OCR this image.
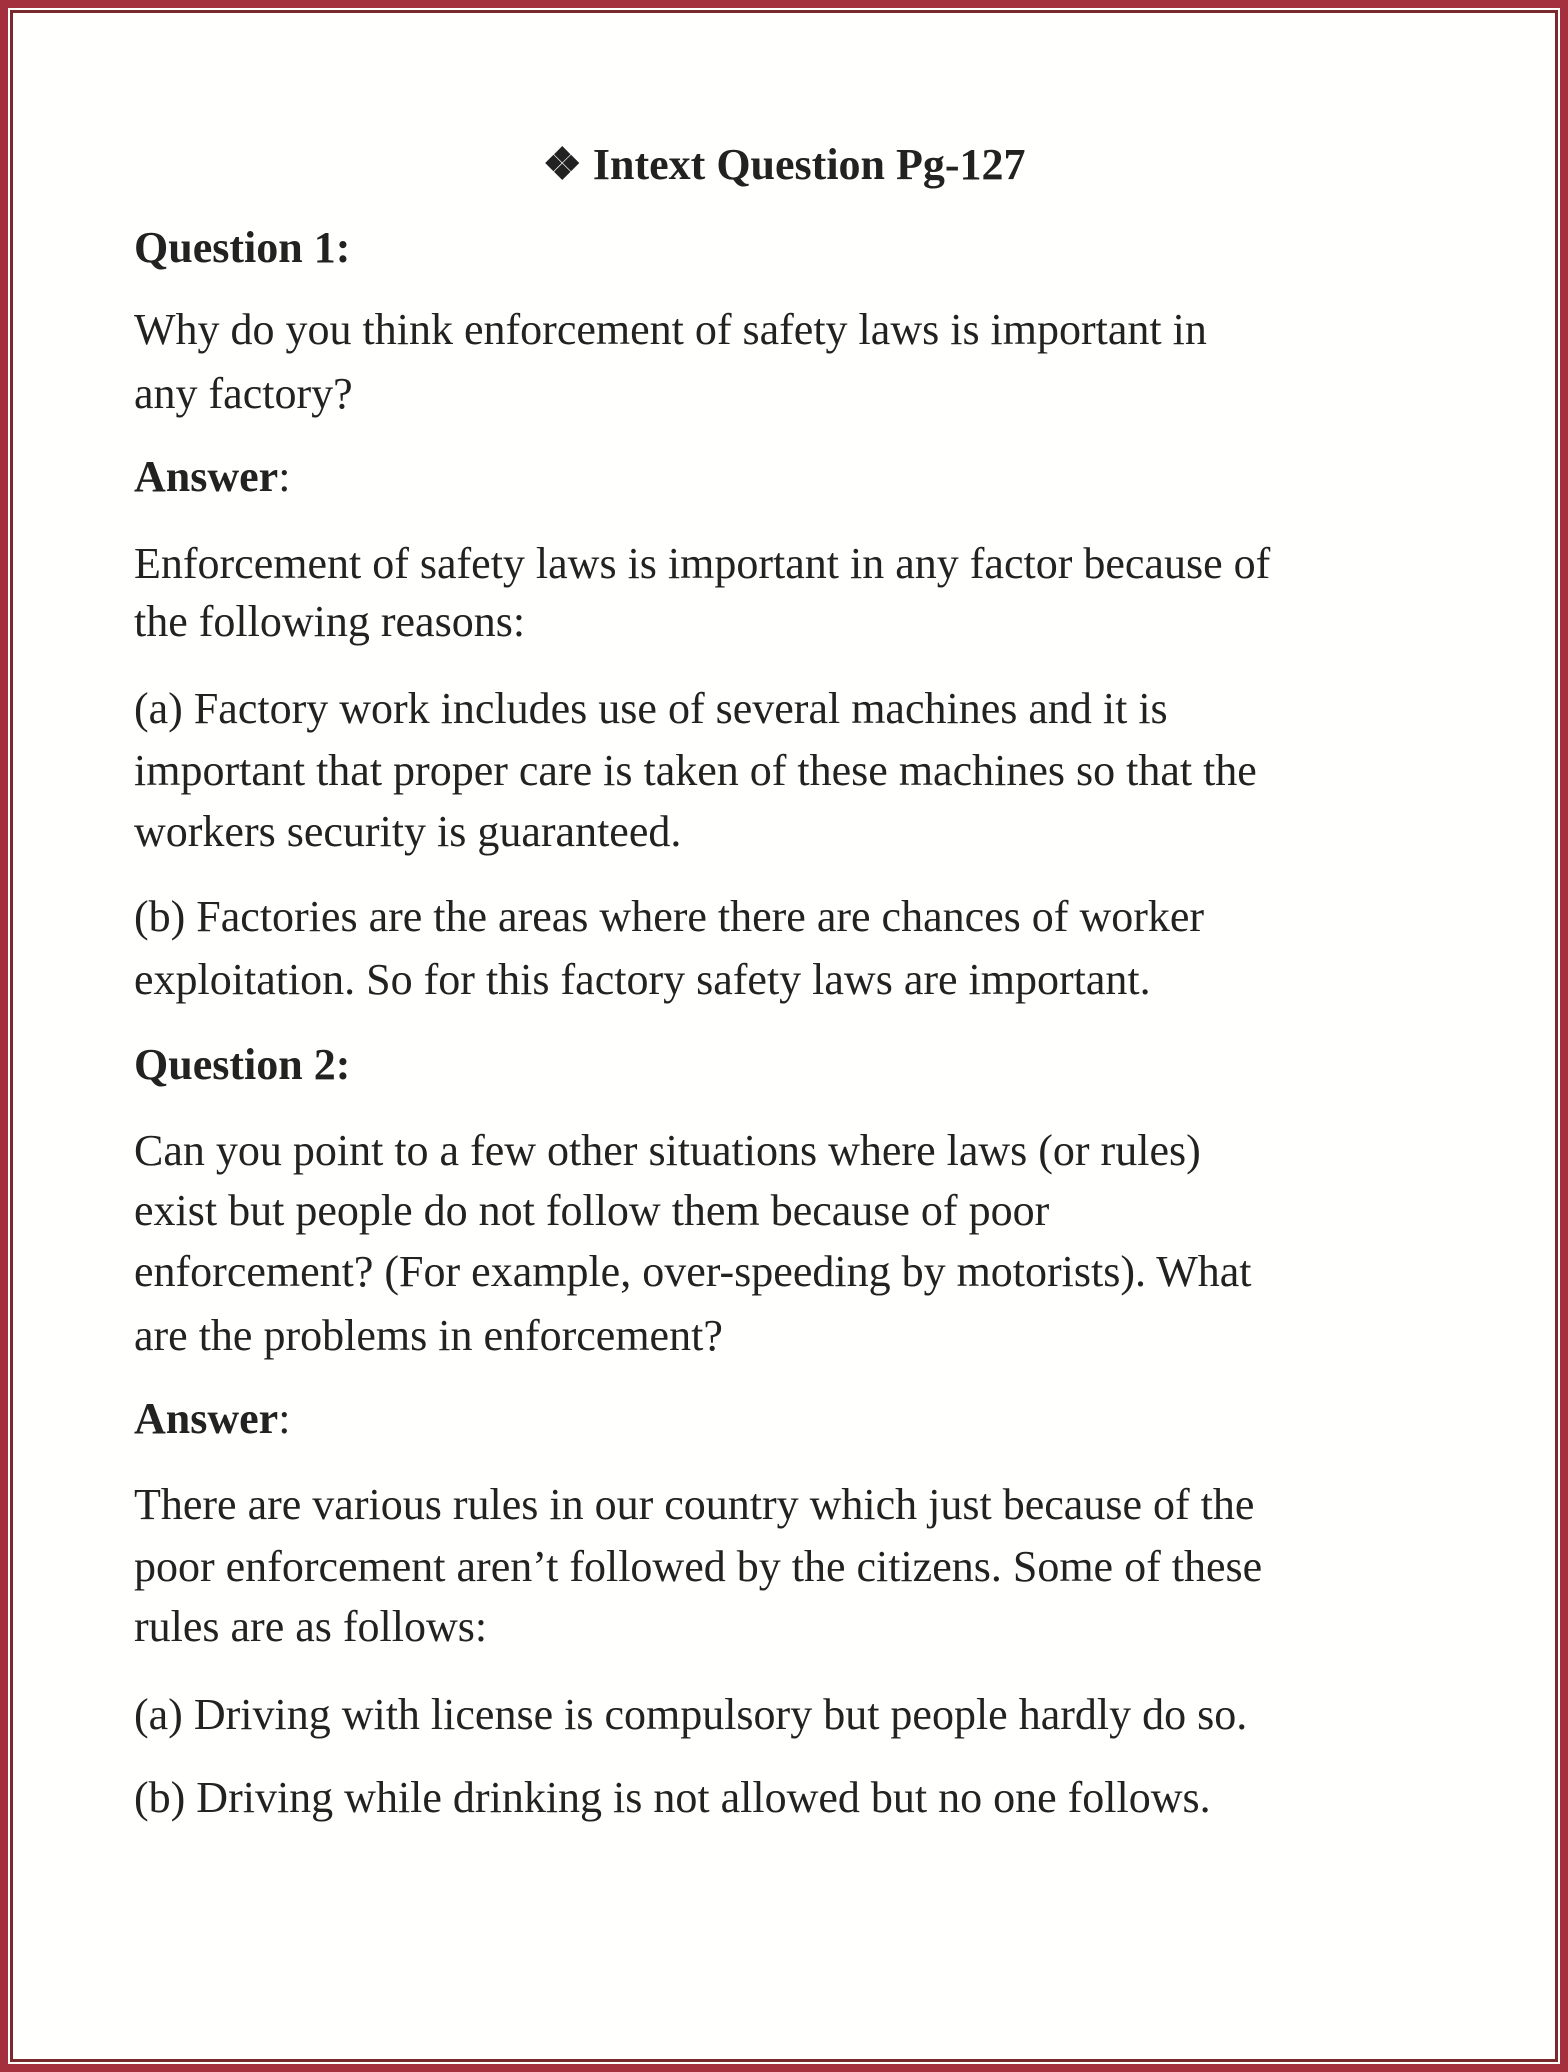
❖ Intext Question Pg-127
Question 1:
Why do you think enforcement of safety laws is important in
any factory?
Answer:
Enforcement of safety laws is important in any factor because of
the following reasons:
(a) Factory work includes use of several machines and it is
important that proper care is taken of these machines so that the
workers security is guaranteed.
(b) Factories are the areas where there are chances of worker
exploitation. So for this factory safety laws are important.
Question 2:
Can you point to a few other situations where laws (or rules)
exist but people do not follow them because of poor
enforcement? (For example, over-speeding by motorists). What
are the problems in enforcement?
Answer:
There are various rules in our country which just because of the
poor enforcement aren’t followed by the citizens. Some of these
rules are as follows:
(a) Driving with license is compulsory but people hardly do so.
(b) Driving while drinking is not allowed but no one follows.
